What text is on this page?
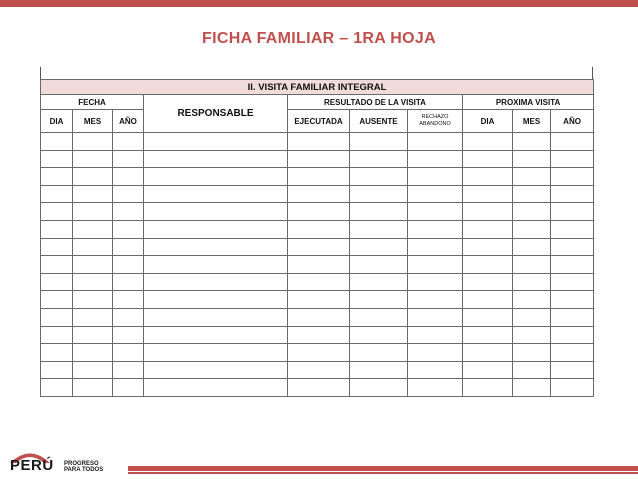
FICHA FAMILIAR – 1RA HOJA
II. VISITA FAMILIAR INTEGRAL									
FECHA			RESPONSABLE	RESULTADO DE LA VISITA			PROXIMA VISITA		
DIA	MES	AÑO		EJECUTADA	AUSENTE	RECHAZO ABANDONO	DIA	MES	AÑO

PERÚ PROGRESO
PARA TODOS
